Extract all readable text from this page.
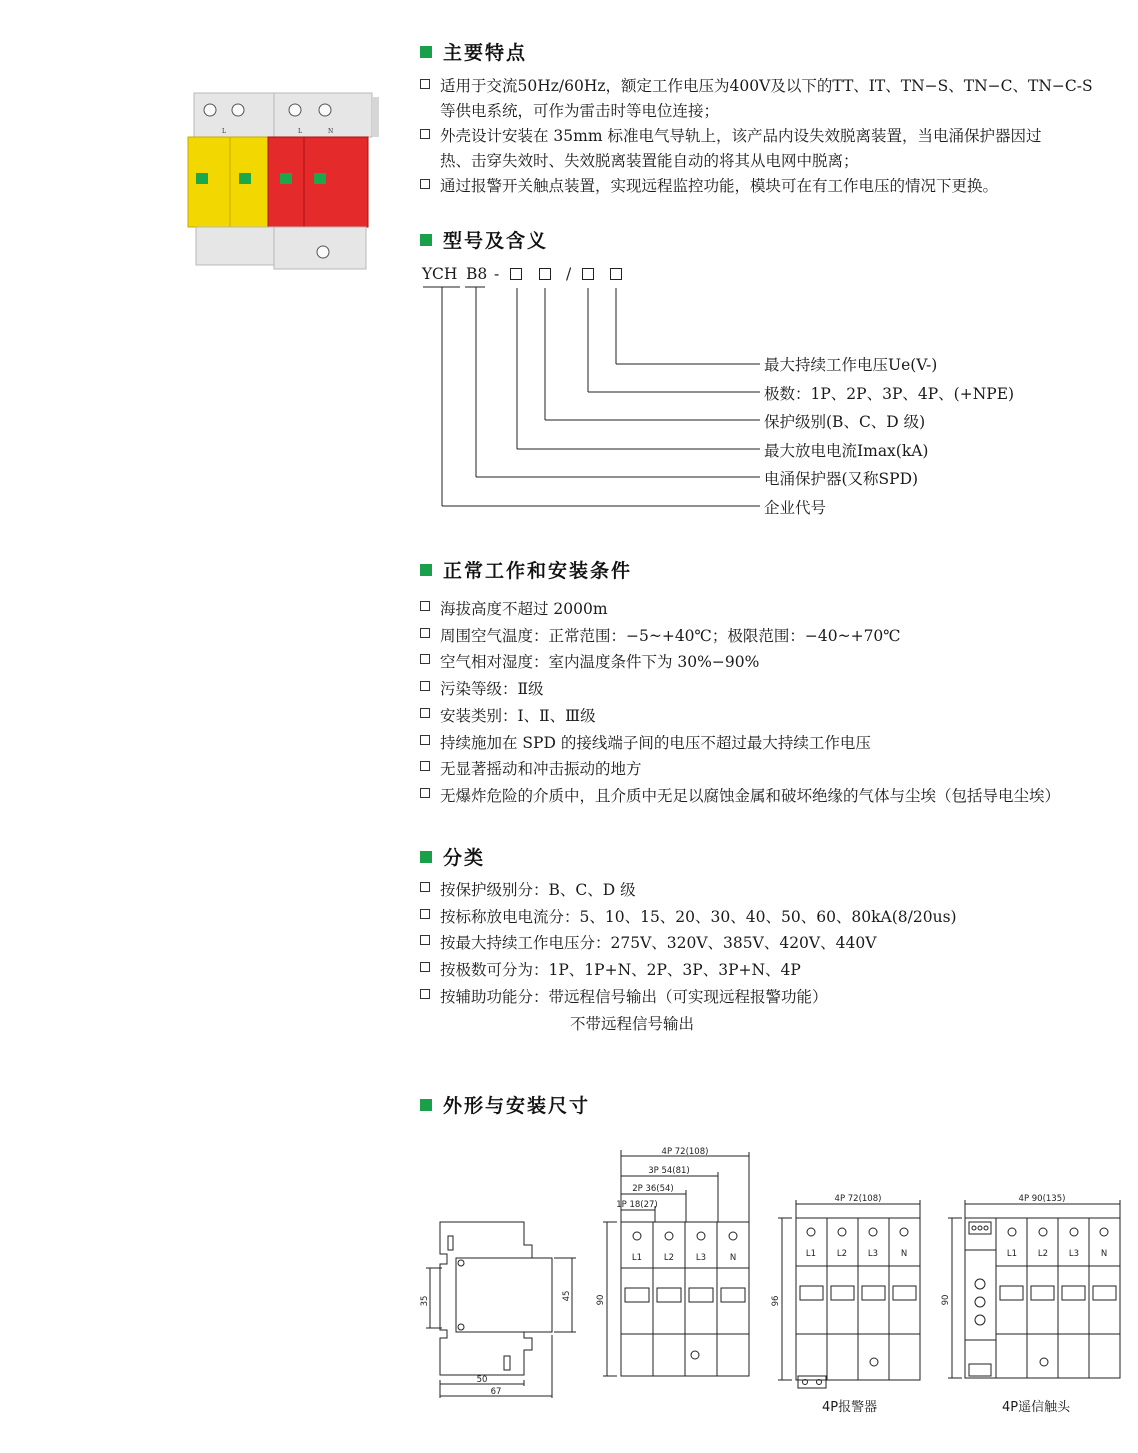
L	L	N
主要特点
适用于交流50Hz/60Hz，额定工作电压为400V及以下的TT、IT、TN−S、TN−C、TN−C-S
等供电系统，可作为雷击时等电位连接；
外壳设计安装在 35mm 标准电气导轨上，该产品内设失效脱离装置，当电涌保护器因过
热、击穿失效时、失效脱离装置能自动的将其从电网中脱离；
通过报警开关触点装置，实现远程监控功能，模块可在有工作电压的情况下更换。
型号及含义
YCH B8 -	/
最大持续工作电压Ue(V-)
极数：1P、2P、3P、4P、(+NPE)
保护级别(B、C、D 级)
最大放电电流Imax(kA)
电涌保护器(又称SPD)
企业代号
正常工作和安装条件
海拔高度不超过 2000m
周围空气温度：正常范围：−5~+40℃；极限范围：−40~+70℃
空气相对湿度：室内温度条件下为 30%−90%
污染等级：Ⅱ级
安装类别：Ⅰ、Ⅱ、Ⅲ级
持续施加在 SPD 的接线端子间的电压不超过最大持续工作电压
无显著摇动和冲击振动的地方
无爆炸危险的介质中，且介质中无足以腐蚀金属和破坏绝缘的气体与尘埃（包括导电尘埃）
分类
按保护级别分：B、C、D 级
按标称放电电流分：5、10、15、20、30、40、50、60、80kA(8/20us)
按最大持续工作电压分：275V、320V、385V、420V、440V
按极数可分为：1P、1P+N、2P、3P、3P+N、4P
按辅助功能分：带远程信号输出（可实现远程报警功能）
不带远程信号输出
外形与安装尺寸
35	45
50
67
4P 72(108)
3P 54(81)
2P 36(54)
1P 18(27)
90
L1	L2	L3	N
4P 72(108)
96
L1 L2 L3	N
4P报警器
4P 90(135)
90
L1 L2 L3	N
4P遥信触头
